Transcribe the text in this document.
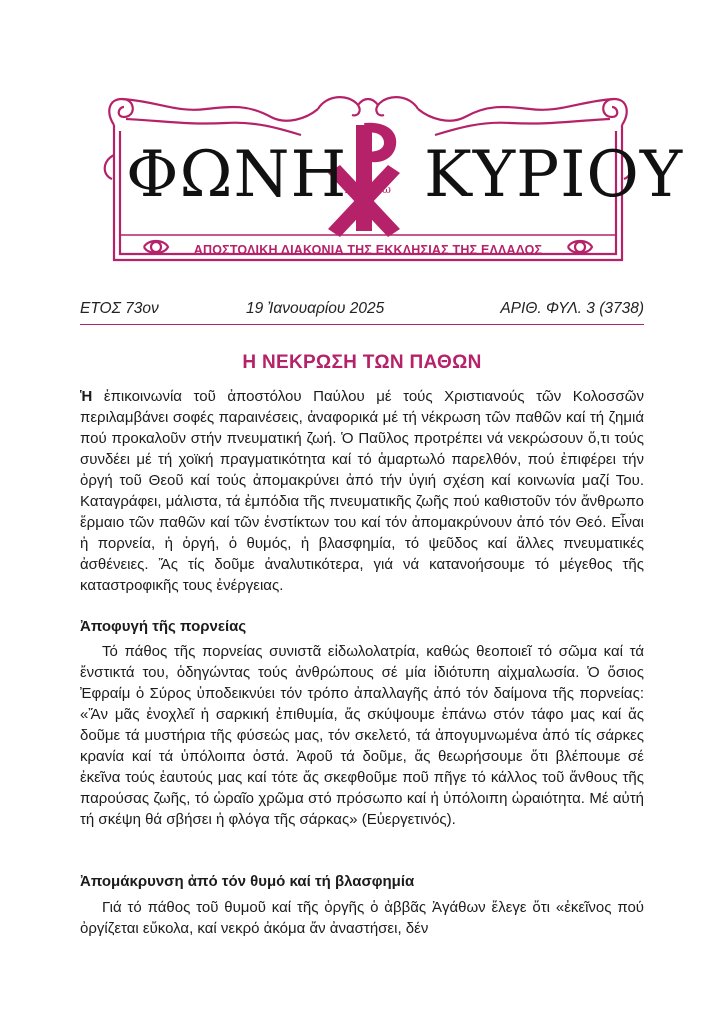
ΦΩΝΗ ΚΥΡΙΟΥ
Α	ω
ΑΠΟΣΤΟΛΙΚΗ ΔΙΑΚΟΝΙΑ ΤΗΣ ΕΚΚΛΗΣΙΑΣ ΤΗΣ ΕΛΛΑΔΟΣ
ΕΤΟΣ 73ον	19 Ἰανουαρίου 2025	ΑΡΙΘ. ΦΥΛ. 3 (3738)
Η ΝΕΚΡΩΣΗ ΤΩΝ ΠΑΘΩΝ

Ἡ ἐπικοινωνία τοῦ ἀποστόλου Παύλου μέ τούς Χριστιανούς τῶν Κολοσσῶν περιλαμβάνει σοφές παραινέσεις, ἀναφορικά μέ τή νέκρωση τῶν παθῶν καί τή ζημιά πού προκαλοῦν στήν πνευματική ζωή. Ὁ Παῦλος προτρέπει νά νεκρώσουν ὅ,τι τούς συνδέει μέ τή χοϊκή πραγματικότητα καί τό ἁμαρτωλό παρελθόν, πού ἐπιφέρει τήν ὀργή τοῦ Θεοῦ καί τούς ἀπομακρύνει ἀπό τήν ὑγιή σχέση καί κοινωνία μαζί Του. Καταγράφει, μάλιστα, τά ἐμπόδια τῆς πνευματικῆς ζωῆς πού καθιστοῦν τόν ἄνθρωπο ἕρμαιο τῶν παθῶν καί τῶν ἐνστίκτων του καί τόν ἀπομακρύνουν ἀπό τόν Θεό. Εἶναι ἡ πορνεία, ἡ ὀργή, ὁ θυμός, ἡ βλασφημία, τό ψεῦδος καί ἄλλες πνευματικές ἀσθένειες. Ἄς τίς δοῦμε ἀναλυτικότερα, γιά νά κατανοήσουμε τό μέγεθος τῆς καταστροφικῆς τους ἐνέργειας.

Ἀποφυγή τῆς πορνείας

Τό πάθος τῆς πορνείας συνιστᾶ εἰδωλολατρία, καθώς θεοποιεῖ τό σῶμα καί τά ἔνστικτά του, ὁδηγώντας τούς ἀνθρώπους σέ μία ἰδιότυπη αἰχμαλωσία. Ὁ ὅσιος Ἐφραίμ ὁ Σύρος ὑποδεικνύει τόν τρόπο ἀπαλλαγῆς ἀπό τόν δαίμονα τῆς πορνείας: «Ἄν μᾶς ἐνοχλεῖ ἡ σαρκική ἐπιθυμία, ἄς σκύψουμε ἐπάνω στόν τάφο μας καί ἄς δοῦμε τά μυστήρια τῆς φύσεώς μας, τόν σκελετό, τά ἀπογυμνωμένα ἀπό τίς σάρκες κρανία καί τά ὑπόλοιπα ὀστά. Ἀφοῦ τά δοῦμε, ἄς θεωρήσουμε ὅτι βλέπουμε σέ ἐκεῖνα τούς ἑαυτούς μας καί τότε ἄς σκεφθοῦμε ποῦ πῆγε τό κάλλος τοῦ ἄνθους τῆς παρούσας ζωῆς, τό ὡραῖο χρῶμα στό πρόσωπο καί ἡ ὑπόλοιπη ὡραιότητα. Μέ αὐτή τή σκέψη θά σβήσει ἡ φλόγα τῆς σάρκας» (Εὐεργετινός).

Ἀπομάκρυνση ἀπό τόν θυμό καί τή βλασφημία

Γιά τό πάθος τοῦ θυμοῦ καί τῆς ὀργῆς ὁ ἀββᾶς Ἀγάθων ἔλεγε ὅτι «ἐκεῖνος πού ὀργίζεται εὔκολα, καί νεκρό ἀκόμα ἄν ἀναστήσει, δέν
